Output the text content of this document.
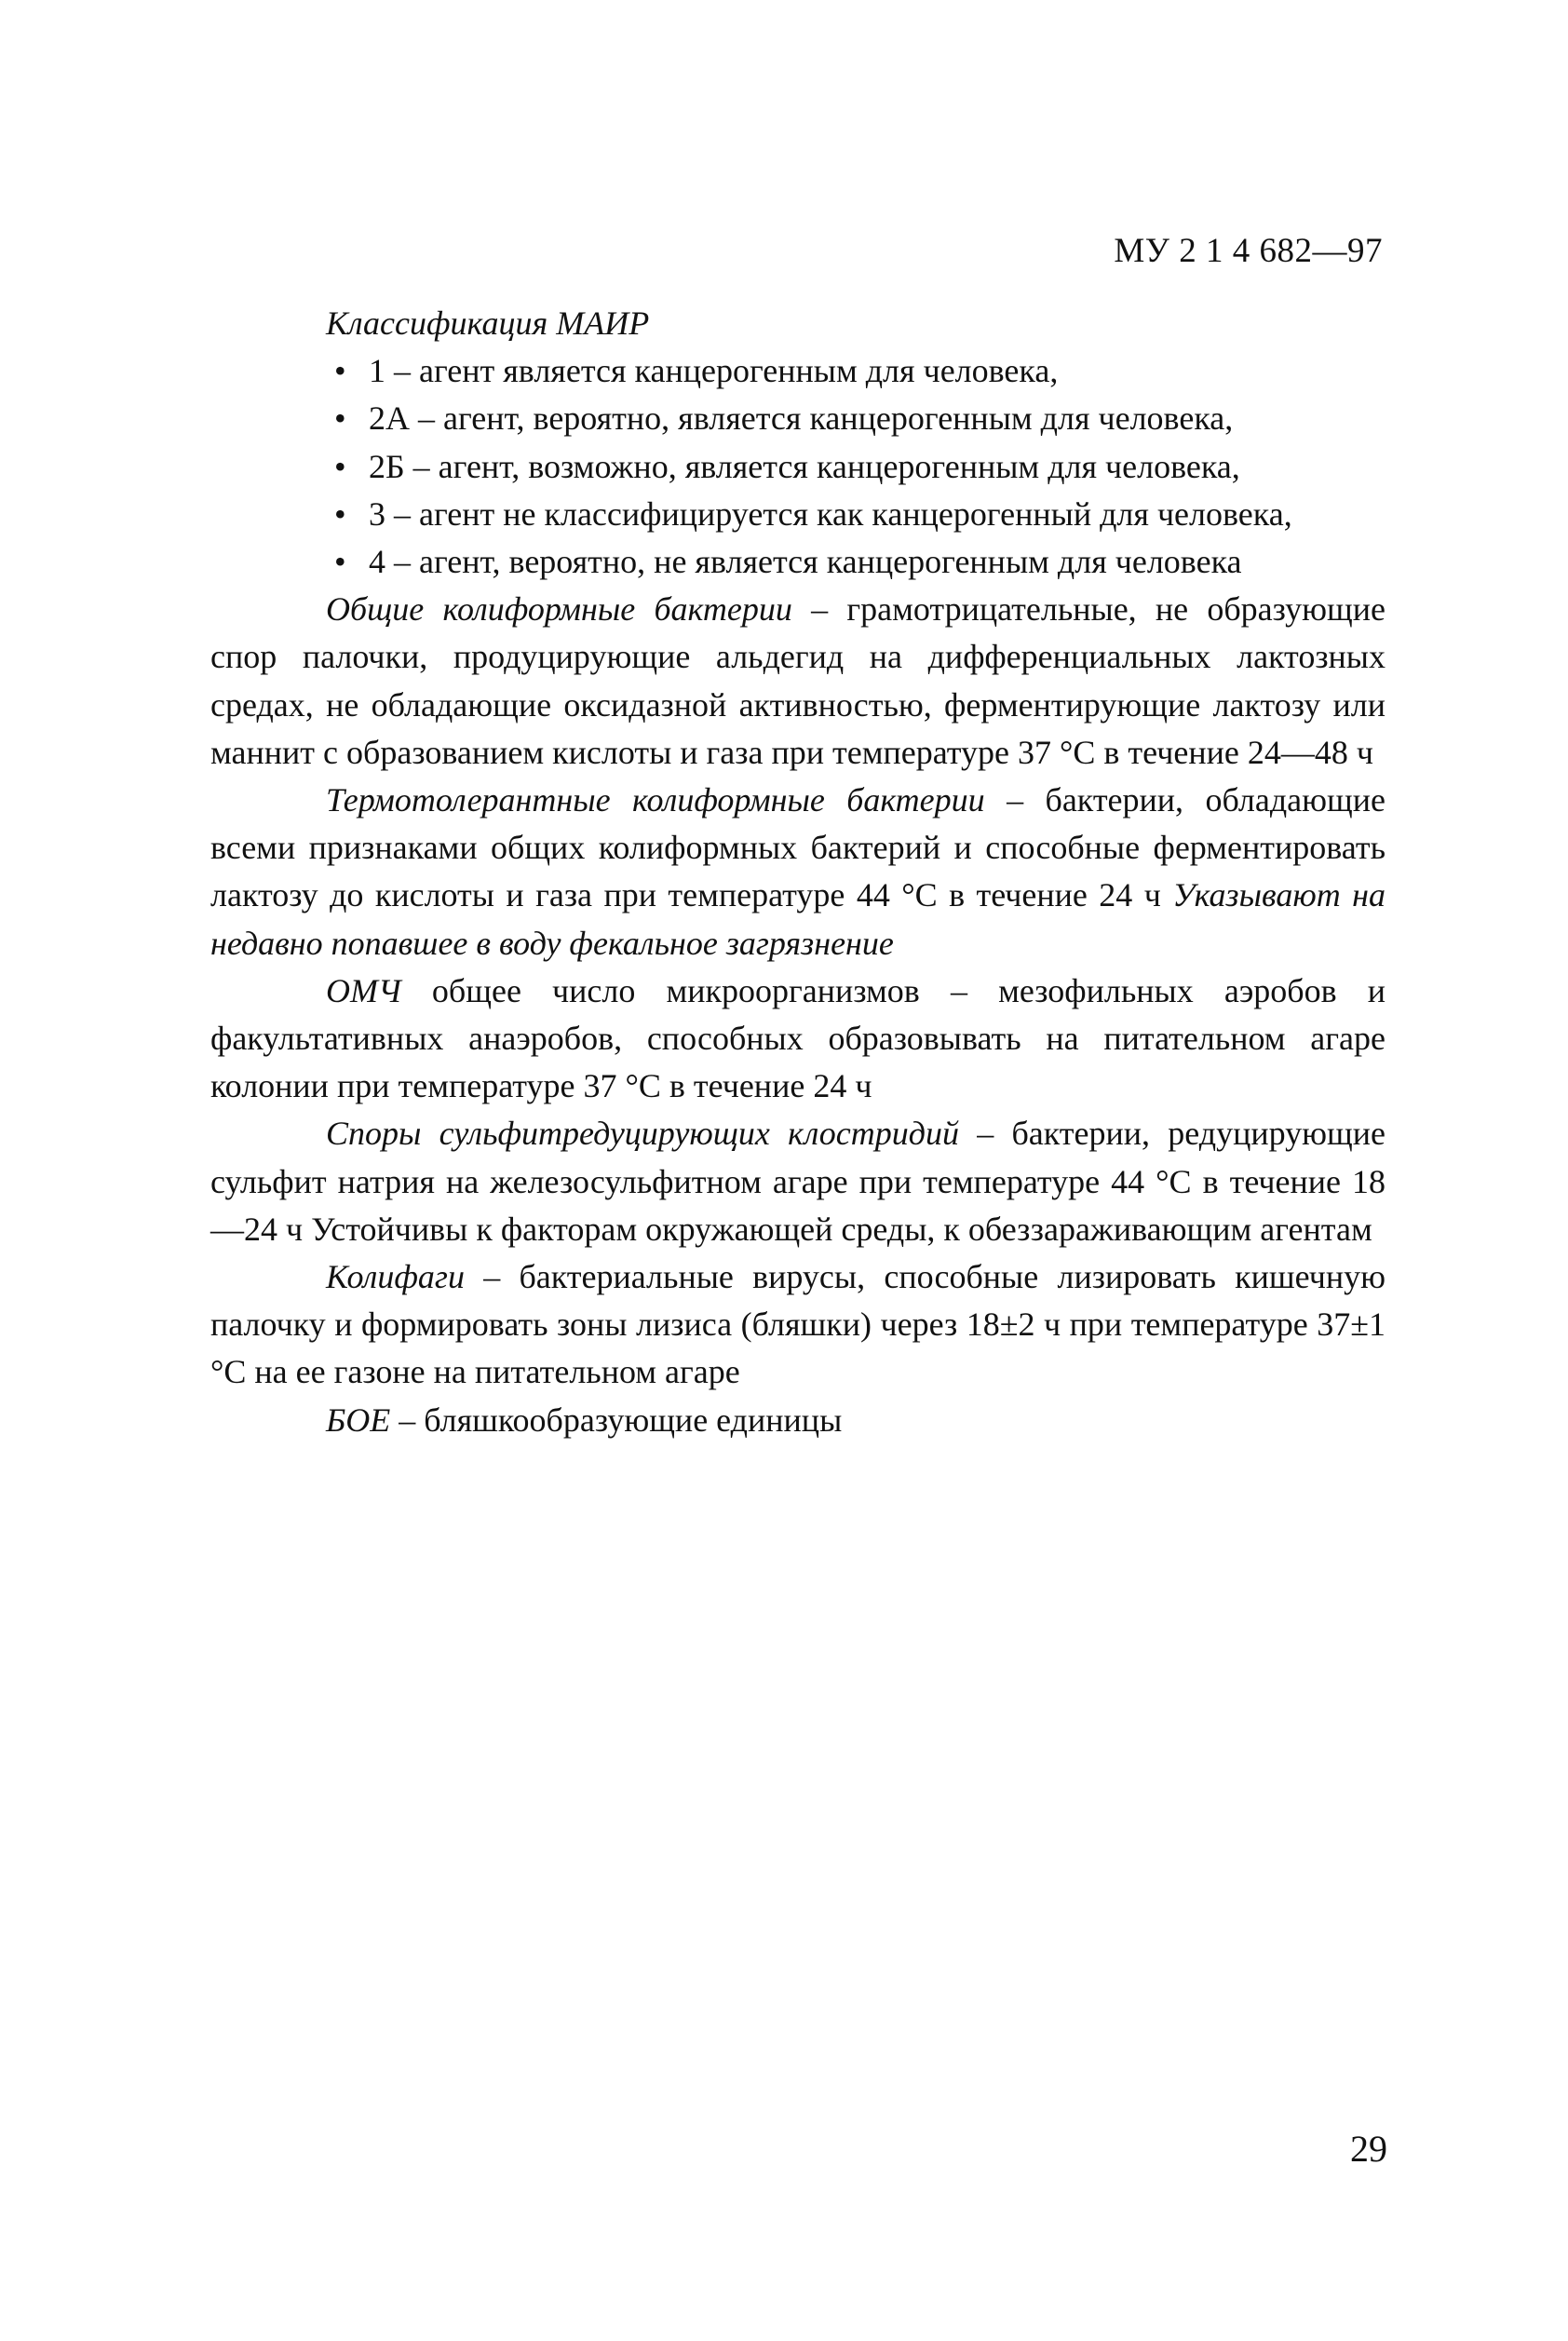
МУ 2 1 4 682—97

Классификация МАИР

• 1 – агент является канцерогенным для человека,
• 2А – агент, вероятно, является канцерогенным для человека,
• 2Б – агент, возможно, является канцерогенным для человека,
• 3 – агент не классифицируется как канцерогенный для человека,
• 4 – агент, вероятно, не является канцерогенным для человека

Общие колиформные бактерии – грамотрицательные, не образующие спор палочки, продуцирующие альдегид на дифференциальных лактозных средах, не обладающие оксидазной активностью, ферментирующие лактозу или маннит с образованием кислоты и газа при температуре 37 °С в течение 24—48 ч

Термотолерантные колиформные бактерии – бактерии, обладающие всеми признаками общих колиформных бактерий и способные ферментировать лактозу до кислоты и газа при температуре 44 °С в течение 24 ч Указывают на недавно попавшее в воду фекальное загрязнение

ОМЧ общее число микроорганизмов – мезофильных аэробов и факультативных анаэробов, способных образовывать на питательном агаре колонии при температуре 37 °С в течение 24 ч

Споры сульфитредуцирующих клостридий – бактерии, редуцирующие сульфит натрия на железосульфитном агаре при температуре 44 °С в течение 18—24 ч Устойчивы к факторам окружающей среды, к обеззараживающим агентам

Колифаги – бактериальные вирусы, способные лизировать кишечную палочку и формировать зоны лизиса (бляшки) через 18±2 ч при температуре 37±1 °С на ее газоне на питательном агаре

БОЕ – бляшкообразующие единицы

29
